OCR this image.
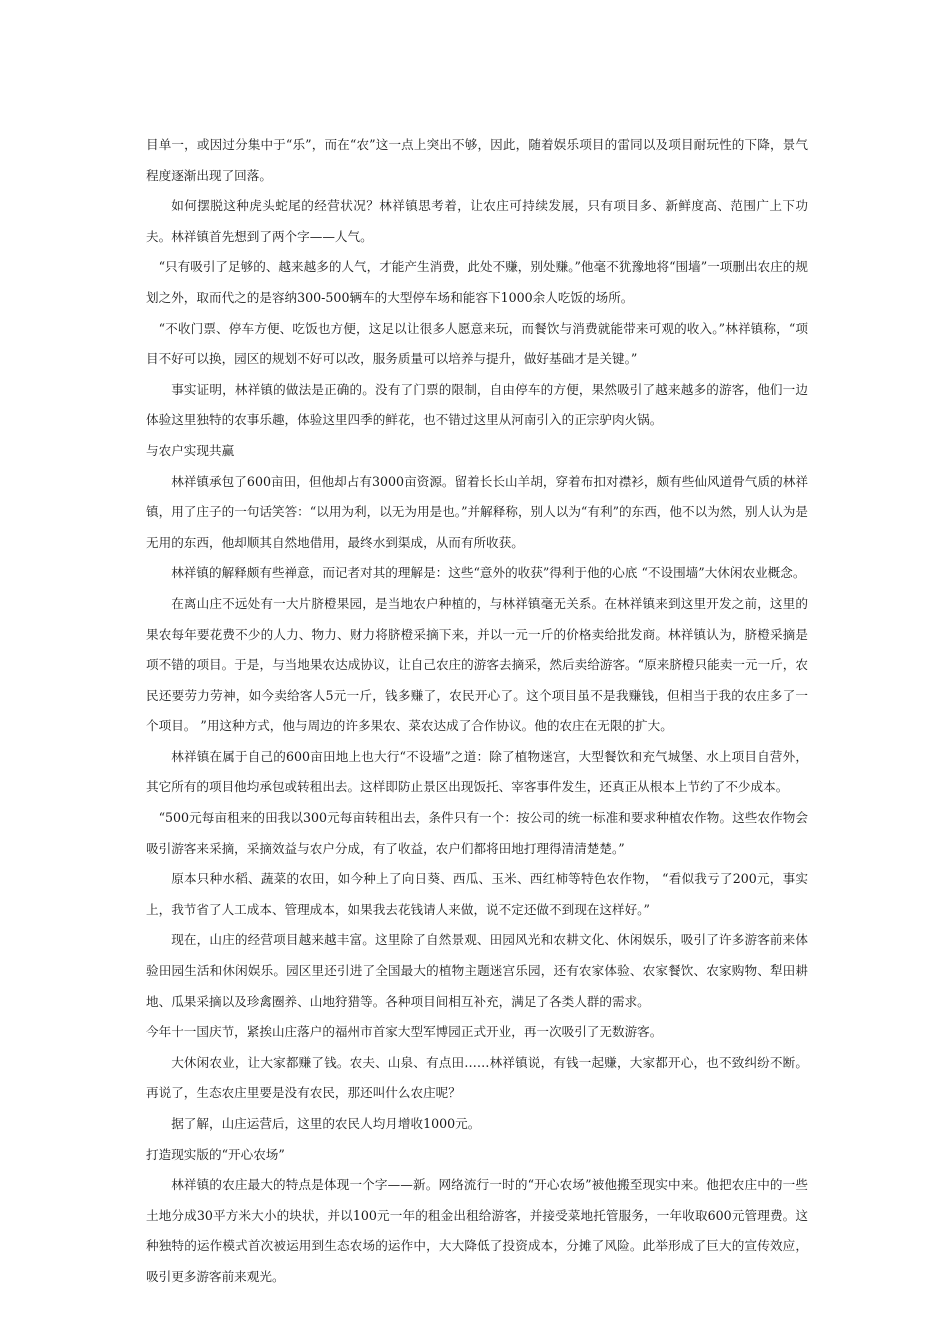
目单一，或因过分集中于“乐”，而在“农”这一点上突出不够，因此，随着娱乐项目的雷同以及项目耐玩性的下降，景气程度逐渐出现了回落。

如何摆脱这种虎头蛇尾的经营状况？林祥镇思考着，让农庄可持续发展，只有项目多、新鲜度高、范围广上下功夫。林祥镇首先想到了两个字——人气。

“只有吸引了足够的、越来越多的人气，才能产生消费，此处不赚，别处赚。”他毫不犹豫地将“围墙”一项删出农庄的规划之外，取而代之的是容纳300-500辆车的大型停车场和能容下1000余人吃饭的场所。

“不收门票、停车方便、吃饭也方便，这足以让很多人愿意来玩，而餐饮与消费就能带来可观的收入。”林祥镇称，“项目不好可以换，园区的规划不好可以改，服务质量可以培养与提升，做好基础才是关键。”

事实证明，林祥镇的做法是正确的。没有了门票的限制，自由停车的方便，果然吸引了越来越多的游客，他们一边体验这里独特的农事乐趣，体验这里四季的鲜花，也不错过这里从河南引入的正宗驴肉火锅。

与农户实现共赢

林祥镇承包了600亩田，但他却占有3000亩资源。留着长长山羊胡，穿着布扣对襟衫，颇有些仙风道骨气质的林祥镇，用了庄子的一句话笑答：“以用为利，以无为用是也。”并解释称，别人以为“有利”的东西，他不以为然，别人认为是无用的东西，他却顺其自然地借用，最终水到渠成，从而有所收获。

林祥镇的解释颇有些禅意，而记者对其的理解是：这些“意外的收获”得利于他的心底 “不设围墙”大休闲农业概念。

在离山庄不远处有一大片脐橙果园，是当地农户种植的，与林祥镇毫无关系。在林祥镇来到这里开发之前，这里的果农每年要花费不少的人力、物力、财力将脐橙采摘下来，并以一元一斤的价格卖给批发商。林祥镇认为，脐橙采摘是项不错的项目。于是，与当地果农达成协议，让自己农庄的游客去摘采，然后卖给游客。“原来脐橙只能卖一元一斤，农民还要劳力劳神，如今卖给客人5元一斤，钱多赚了，农民开心了。这个项目虽不是我赚钱，但相当于我的农庄多了一个项目。 ”用这种方式，他与周边的许多果农、菜农达成了合作协议。他的农庄在无限的扩大。

林祥镇在属于自己的600亩田地上也大行“不设墙”之道：除了植物迷宫，大型餐饮和充气城堡、水上项目自营外，其它所有的项目他均承包或转租出去。这样即防止景区出现饭托、宰客事件发生，还真正从根本上节约了不少成本。

“500元每亩租来的田我以300元每亩转租出去，条件只有一个：按公司的统一标准和要求种植农作物。这些农作物会吸引游客来采摘，采摘效益与农户分成，有了收益，农户们都将田地打理得清清楚楚。”

原本只种水稻、蔬菜的农田，如今种上了向日葵、西瓜、玉米、西红柿等特色农作物， “看似我亏了200元，事实上，我节省了人工成本、管理成本，如果我去花钱请人来做，说不定还做不到现在这样好。”

现在，山庄的经营项目越来越丰富。这里除了自然景观、田园风光和农耕文化、休闲娱乐，吸引了许多游客前来体验田园生活和休闲娱乐。园区里还引进了全国最大的植物主题迷宫乐园，还有农家体验、农家餐饮、农家购物、犁田耕地、瓜果采摘以及珍禽圈养、山地狩猎等。各种项目间相互补充，满足了各类人群的需求。

今年十一国庆节，紧挨山庄落户的福州市首家大型军博园正式开业，再一次吸引了无数游客。

大休闲农业，让大家都赚了钱。农夫、山泉、有点田……林祥镇说，有钱一起赚，大家都开心，也不致纠纷不断。再说了，生态农庄里要是没有农民，那还叫什么农庄呢？

据了解，山庄运营后，这里的农民人均月增收1000元。

打造现实版的“开心农场”

林祥镇的农庄最大的特点是体现一个字——新。网络流行一时的“开心农场”被他搬至现实中来。他把农庄中的一些土地分成30平方米大小的块状，并以100元一年的租金出租给游客，并接受菜地托管服务，一年收取600元管理费。这种独特的运作模式首次被运用到生态农场的运作中，大大降低了投资成本，分摊了风险。此举形成了巨大的宣传效应，吸引更多游客前来观光。
